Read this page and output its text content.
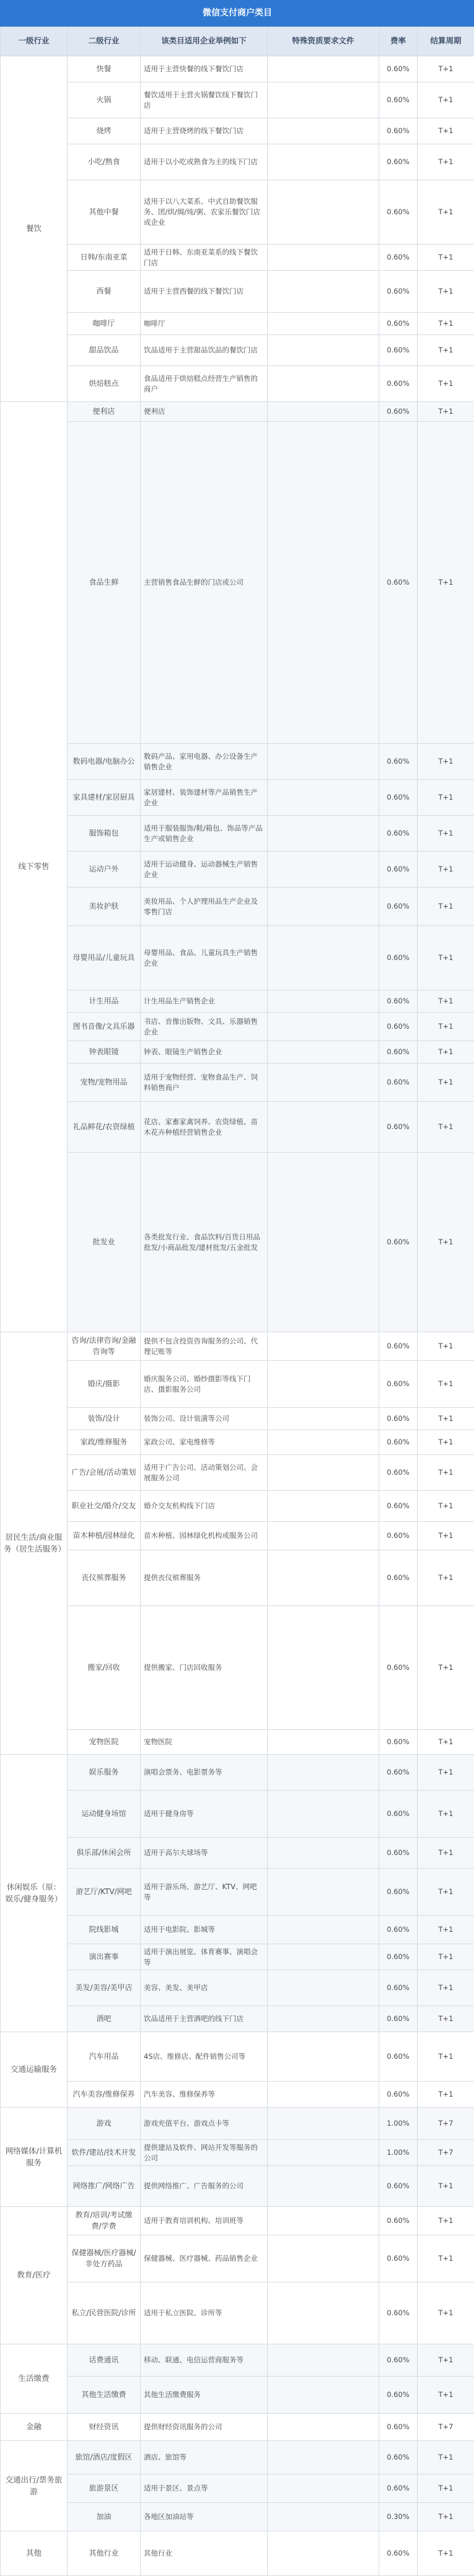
微信支付商户类目					
一级行业	二级行业	该类目适用企业举例如下	特殊资质要求文件	费率	结算周期
餐饮	快餐	适用于主营快餐的线下餐饮门店		0.60%	T+1
	火锅	餐饮适用于主营火锅餐饮线下餐饮门店		0.60%	T+1
	烧烤	适用于主营烧烤的线下餐饮门店		0.60%	T+1
	小吃/熟食	适用于以小吃或熟食为主的线下门店		0.60%	T+1
	其他中餐	适用于以八大菜系、中式自助餐饮服务、团/烘/焗/炖/粥、农家乐餐饮门店或企业		0.60%	T+1
	日韩/东南亚菜	适用于日韩、东南亚菜系的线下餐饮门店		0.60%	T+1
	西餐	适用于主营西餐的线下餐饮门店		0.60%	T+1
	咖啡厅	咖啡厅		0.60%	T+1
	甜品饮品	饮品适用于主营甜品饮品的餐饮门店		0.60%	T+1
	烘焙糕点	食品适用于烘焙糕点经营生产销售的商户		0.60%	T+1
线下零售	便利店	便利店		0.60%	T+1
	食品生鲜	主营销售食品生鲜的门店或公司		0.60%	T+1
	数码电器/电脑办公	数码产品、家用电器、办公设备生产销售企业		0.60%	T+1
	家具建材/家居厨具	家居建材、装饰建材等产品销售生产企业		0.60%	T+1
	服饰箱包	适用于服装服饰/鞋/箱包、饰品等产品生产或销售企业		0.60%	T+1
	运动户外	适用于运动健身、运动器械生产销售企业		0.60%	T+1
	美妆护肤	美妆用品、个人护理用品生产企业及零售门店		0.60%	T+1
	母婴用品/儿童玩具	母婴用品、食品、儿童玩具生产销售企业		0.60%	T+1
	计生用品	计生用品生产销售企业		0.60%	T+1
	图书音像/文具乐器	书店、音像出版物、文具、乐器销售企业		0.60%	T+1
	钟表眼镜	钟表、眼镜生产销售企业		0.60%	T+1
	宠物/宠物用品	适用于宠物经营、宠物食品生产、饲料销售商户		0.60%	T+1
	礼品鲜花/农资绿植	花店、家畜家禽饲养、农资绿植、苗木花卉种植经营销售企业		0.60%	T+1
	批发业	各类批发行业、食品饮料/百货日用品批发/小商品批发/建材批发/五金批发		0.60%	T+1
居民生活/商业服务（居生活服务）	咨询/法律咨询/金融咨询等	提供不包含投资咨询服务的公司、代理记账等		0.60%	T+1
	婚庆/摄影	婚庆服务公司、婚纱摄影等线下门店、摄影服务公司		0.60%	T+1
	装饰/设计	装饰公司、设计装潢等公司		0.60%	T+1
	家政/维修服务	家政公司、家电维修等		0.60%	T+1
	广告/会展/活动策划	适用于广告公司、活动策划公司、会展服务公司		0.60%	T+1
	职业社交/婚介/交友	婚介交友机构线下门店		0.60%	T+1
	苗木种植/园林绿化	苗木种植、园林绿化机构或服务公司		0.60%	T+1
	丧仪殡葬服务	提供丧仪殡葬服务		0.60%	T+1
	搬家/回收	提供搬家、门店回收服务		0.60%	T+1
	宠物医院	宠物医院		0.60%	T+1
休闲娱乐（原：娱乐/健身服务）	娱乐服务	演唱会票务、电影票务等		0.60%	T+1
	运动健身场馆	适用于健身房等		0.60%	T+1
	俱乐部/休闲会所	适用于高尔夫球场等		0.60%	T+1
	游艺厅/KTV/网吧	适用于游乐场、游艺厅、KTV、网吧等		0.60%	T+1
	院线影城	适用于电影院、影城等		0.60%	T+1
	演出赛事	适用于演出展览、体育赛事、演唱会等		0.60%	T+1
	美发/美容/美甲店	美容、美发、美甲店		0.60%	T+1
	酒吧	饮品适用于主营酒吧的线下门店		0.60%	T+1
交通运输服务	汽车用品	4S店、维修店、配件销售公司等		0.60%	T+1
	汽车美容/维修保养	汽车美容、维修保养等		0.60%	T+1
网络媒体/计算机服务	游戏	游戏充值平台、游戏点卡等		1.00%	T+7
	软件/建站/技术开发	提供建站及软件、网站开发等服务的公司		1.00%	T+7
	网络推广/网络广告	提供网络推广、广告服务的公司		0.60%	T+1
教育/医疗	教育/培训/考试缴费/学费	适用于教育培训机构、培训班等		0.60%	T+1
	保健器械/医疗器械/非处方药品	保健器械、医疗器械、药品销售企业		0.60%	T+1
	私立/民营医院/诊所	适用于私立医院、诊所等		0.60%	T+1
生活缴费	话费通讯	移动、联通、电信运营商服务等		0.60%	T+1
	其他生活缴费	其他生活缴费服务		0.60%	T+1
金融	财经资讯	提供财经资讯服务的公司		0.60%	T+7
交通出行/票务旅游	旅馆/酒店/度假区	酒店、旅馆等		0.60%	T+1
	旅游景区	适用于景区、景点等		0.60%	T+1
	加油	各地区加油站等		0.30%	T+1
其他	其他行业	其他行业		0.60%	T+1
